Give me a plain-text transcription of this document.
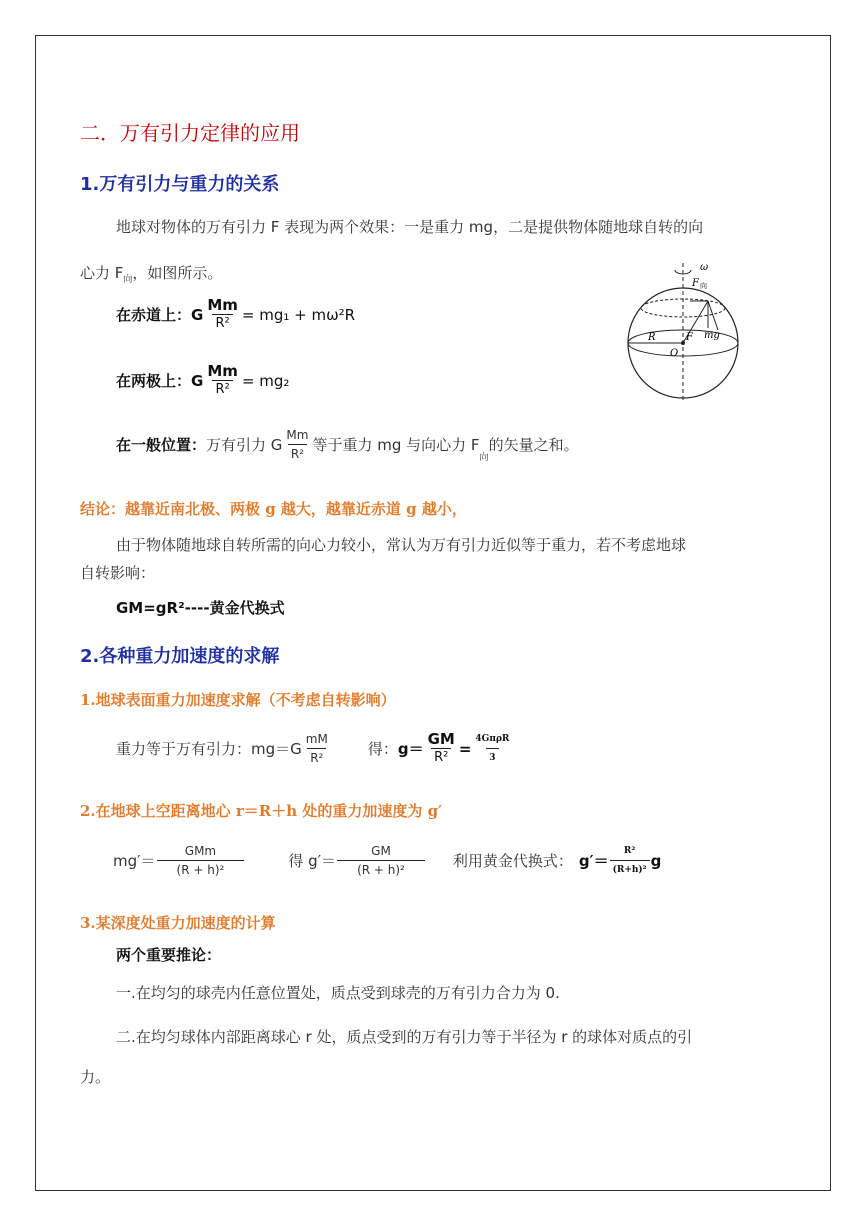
二．万有引力定律的应用
1.万有引力与重力的关系
地球对物体的万有引力 F 表现为两个效果：一是重力 mg，二是提供物体随地球自转的向
心力 $F_向$，如图所示。
在赤道上： G $\frac{Mm}{\text{R²}} = mg_1 + m\omega^2R$
在两极上： G $\frac{Mm}{\text{R²}} = mg_2$
在一般位置： 万有引力 G $\frac{Mm}{\text{R²}}$ 等于重力 mg 与向心力 F
$_向$
的矢量之和。
ω
F 向
R
O
F mg
结论：越靠近南北极、两极 g 越大，越靠近赤道 g 越小，
由于物体随地球自转所需的向心力较小，常认为万有引力近似等于重力，若不考虑地球
自转影响：
GM=gR²----黄金代换式
2.各种重力加速度的求解
1.地球表面重力加速度求解（不考虑自转影响）
重力等于万有引力：$mg=G \frac{mM}{\text{R²}}$ 得： $g= \frac{GM}{\text{R²}} = \frac{\text{4GπρR}}{3}$
2.在地球上空距离地心 r＝R＋h 处的重力加速度为 g′
$mg'= \frac{\text{GMm}}{\text{(R + h)²}}$	得 $g'= \frac{GM}{\text{(R + h)²}}$ 利用黄金代换式： $g'= \frac{\text{R²}}{\text{(R+h)²}}$ g
3.某深度处重力加速度的计算
两个重要推论：
一.在均匀的球壳内任意位置处，质点受到球壳的万有引力合力为 0.
二.在均匀球体内部距离球心 r 处，质点受到的万有引力等于半径为 r 的球体对质点的引
力。
